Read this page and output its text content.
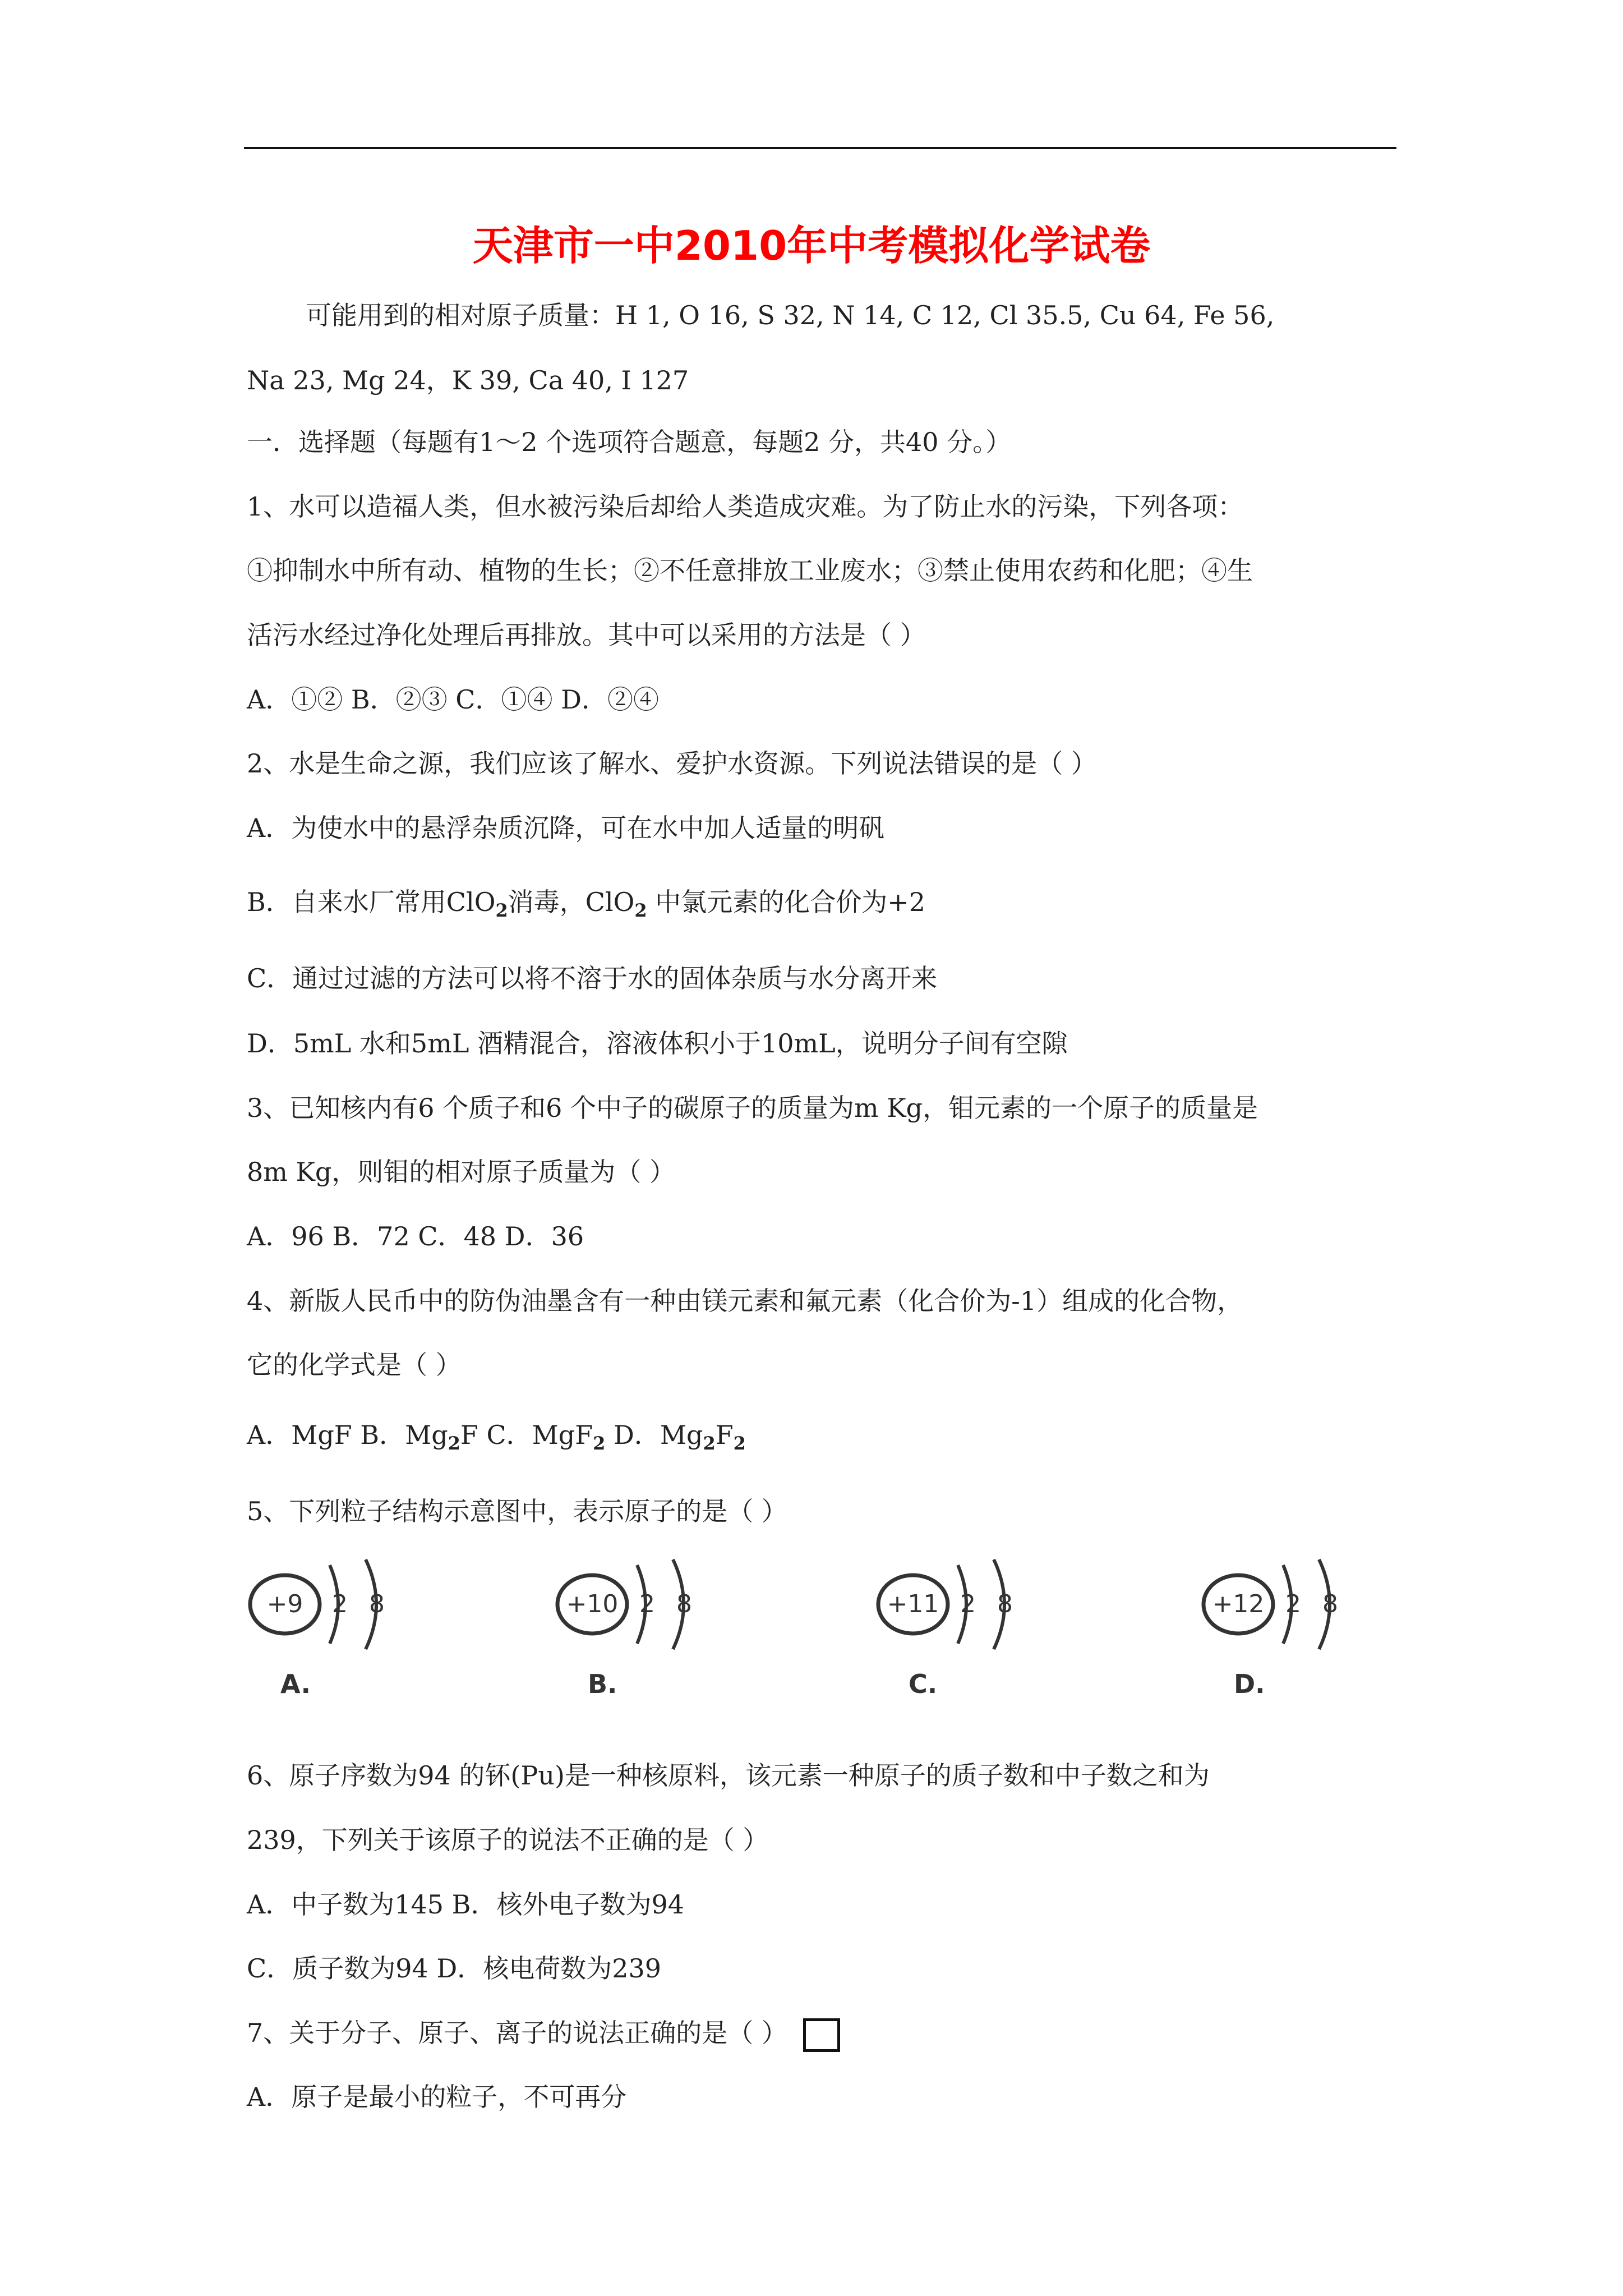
天津市一中2010年中考模拟化学试卷
可能用到的相对原子质量：H 1, O 16, S 32, N 14, C 12, Cl 35.5, Cu 64, Fe 56,
Na 23, Mg 24，K 39, Ca 40, I 127
一．选择题（每题有1～2 个选项符合题意，每题2 分，共40 分。）
1、水可以造福人类，但水被污染后却给人类造成灾难。为了防止水的污染，下列各项：
①抑制水中所有动、植物的生长；②不任意排放工业废水；③禁止使用农药和化肥；④生
活污水经过净化处理后再排放。其中可以采用的方法是（ ）
A．①② B．②③ C．①④ D．②④
2、水是生命之源，我们应该了解水、爱护水资源。下列说法错误的是（ ）
A．为使水中的悬浮杂质沉降，可在水中加人适量的明矾
B．自来水厂常用ClO$_2$消毒，ClO$_2$ 中氯元素的化合价为+2
C．通过过滤的方法可以将不溶于水的固体杂质与水分离开来
D．5mL 水和5mL 酒精混合，溶液体积小于10mL，说明分子间有空隙
3、已知核内有6 个质子和6 个中子的碳原子的质量为m Kg，钼元素的一个原子的质量是
8m Kg，则钼的相对原子质量为（ ）
A．96 B．72 C．48 D．36
4、新版人民币中的防伪油墨含有一种由镁元素和氟元素（化合价为-1）组成的化合物，
它的化学式是（ ）
A．MgF B．$Mg_2F$ C．MgF$_2$ D．$Mg_2F_2$
5、下列粒子结构示意图中，表示原子的是（ ）
+9	2 8
A.
+10 2 8
B.
+11 2 8
C.
+12 2 8
D.
6、原子序数为94 的钚(Pu)是一种核原料，该元素一种原子的质子数和中子数之和为
239，下列关于该原子的说法不正确的是（ ）
A．中子数为145 B．核外电子数为94
C．质子数为94 D．核电荷数为239
7、关于分子、原子、离子的说法正确的是（ ）
A．原子是最小的粒子，不可再分
